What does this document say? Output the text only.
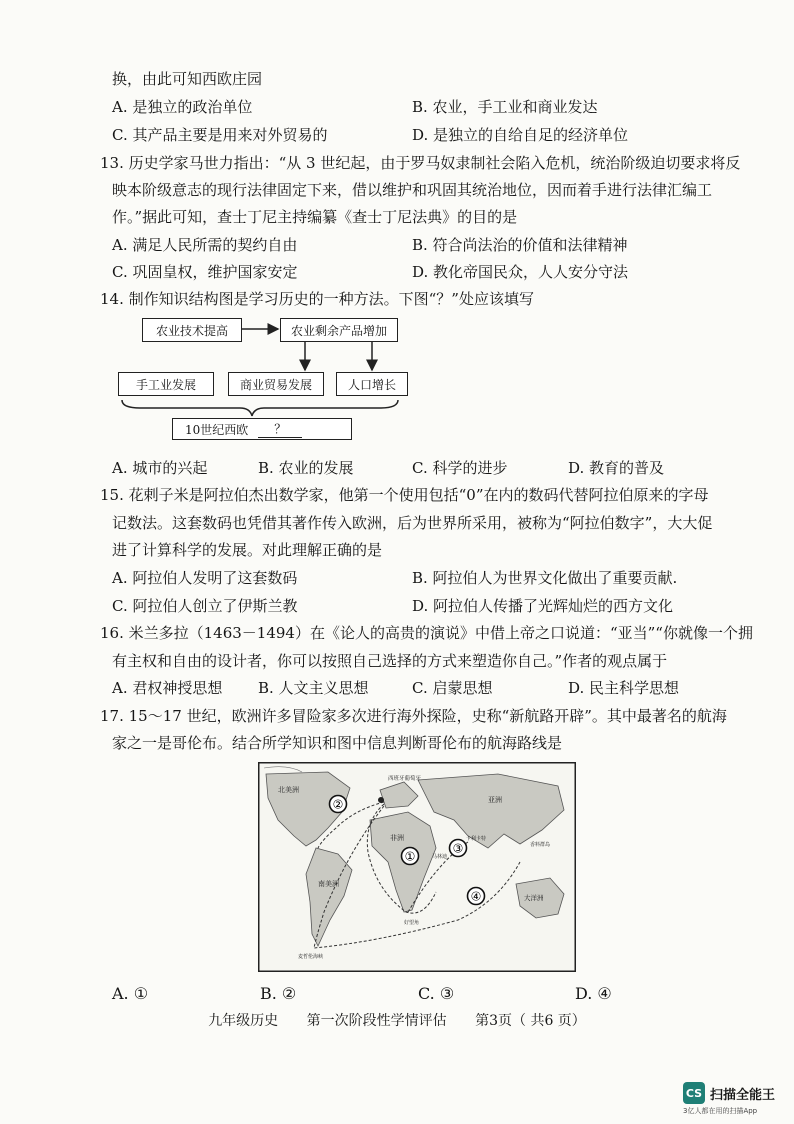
换，由此可知西欧庄园
A. 是独立的政治单位	B. 农业，手工业和商业发达
C. 其产品主要是用来对外贸易的	D. 是独立的自给自足的经济单位
13. 历史学家马世力指出：“从 3 世纪起，由于罗马奴隶制社会陷入危机，统治阶级迫切要求将反
映本阶级意志的现行法律固定下来，借以维护和巩固其统治地位，因而着手进行法律汇编工
作。”据此可知，查士丁尼主持编纂《查士丁尼法典》的目的是
A. 满足人民所需的契约自由	B. 符合尚法治的价值和法律精神
C. 巩固皇权，维护国家安定	D. 教化帝国民众，人人安分守法
14. 制作知识结构图是学习历史的一种方法。下图“？”处应该填写
农业技术提高	农业剩余产品增加
手工业发展	商业贸易发展	人口增长
10世纪西欧	？
A. 城市的兴起	B. 农业的发展	C. 科学的进步	D. 教育的普及
15. 花剌子米是阿拉伯杰出数学家，他第一个使用包括“0”在内的数码代替阿拉伯原来的字母
记数法。这套数码也凭借其著作传入欧洲，后为世界所采用，被称为“阿拉伯数字”，大大促
进了计算科学的发展。对此理解正确的是
A. 阿拉伯人发明了这套数码	B. 阿拉伯人为世界文化做出了重要贡献.
C. 阿拉伯人创立了伊斯兰教	D. 阿拉伯人传播了光辉灿烂的西方文化
16. 米兰多拉（1463－1494）在《论人的高贵的演说》中借上帝之口说道：“亚当”“你就像一个拥
有主权和自由的设计者，你可以按照自己选择的方式来塑造你自己。”作者的观点属于
A. 君权神授思想 B. 人文主义思想	C. 启蒙思想	D. 民主科学思想
17. 15～17 世纪，欧洲许多冒险家多次进行海外探险，史称“新航路开辟”。其中最著名的航海
家之一是哥伦布。结合所学知识和图中信息判断哥伦布的航海路线是
①
②
③
④
北美洲
南美洲
非洲
亚洲
大洋洲
西班牙葡萄牙
卡利卡特
好望角
麦哲伦海峡
马林迪
香料群岛
A. ①	B. ②	C. ③	D. ④
九年级历史 第一次阶段性学情评估 第3页（ 共6 页）
CS 扫描全能王
3亿人都在用的扫描App
